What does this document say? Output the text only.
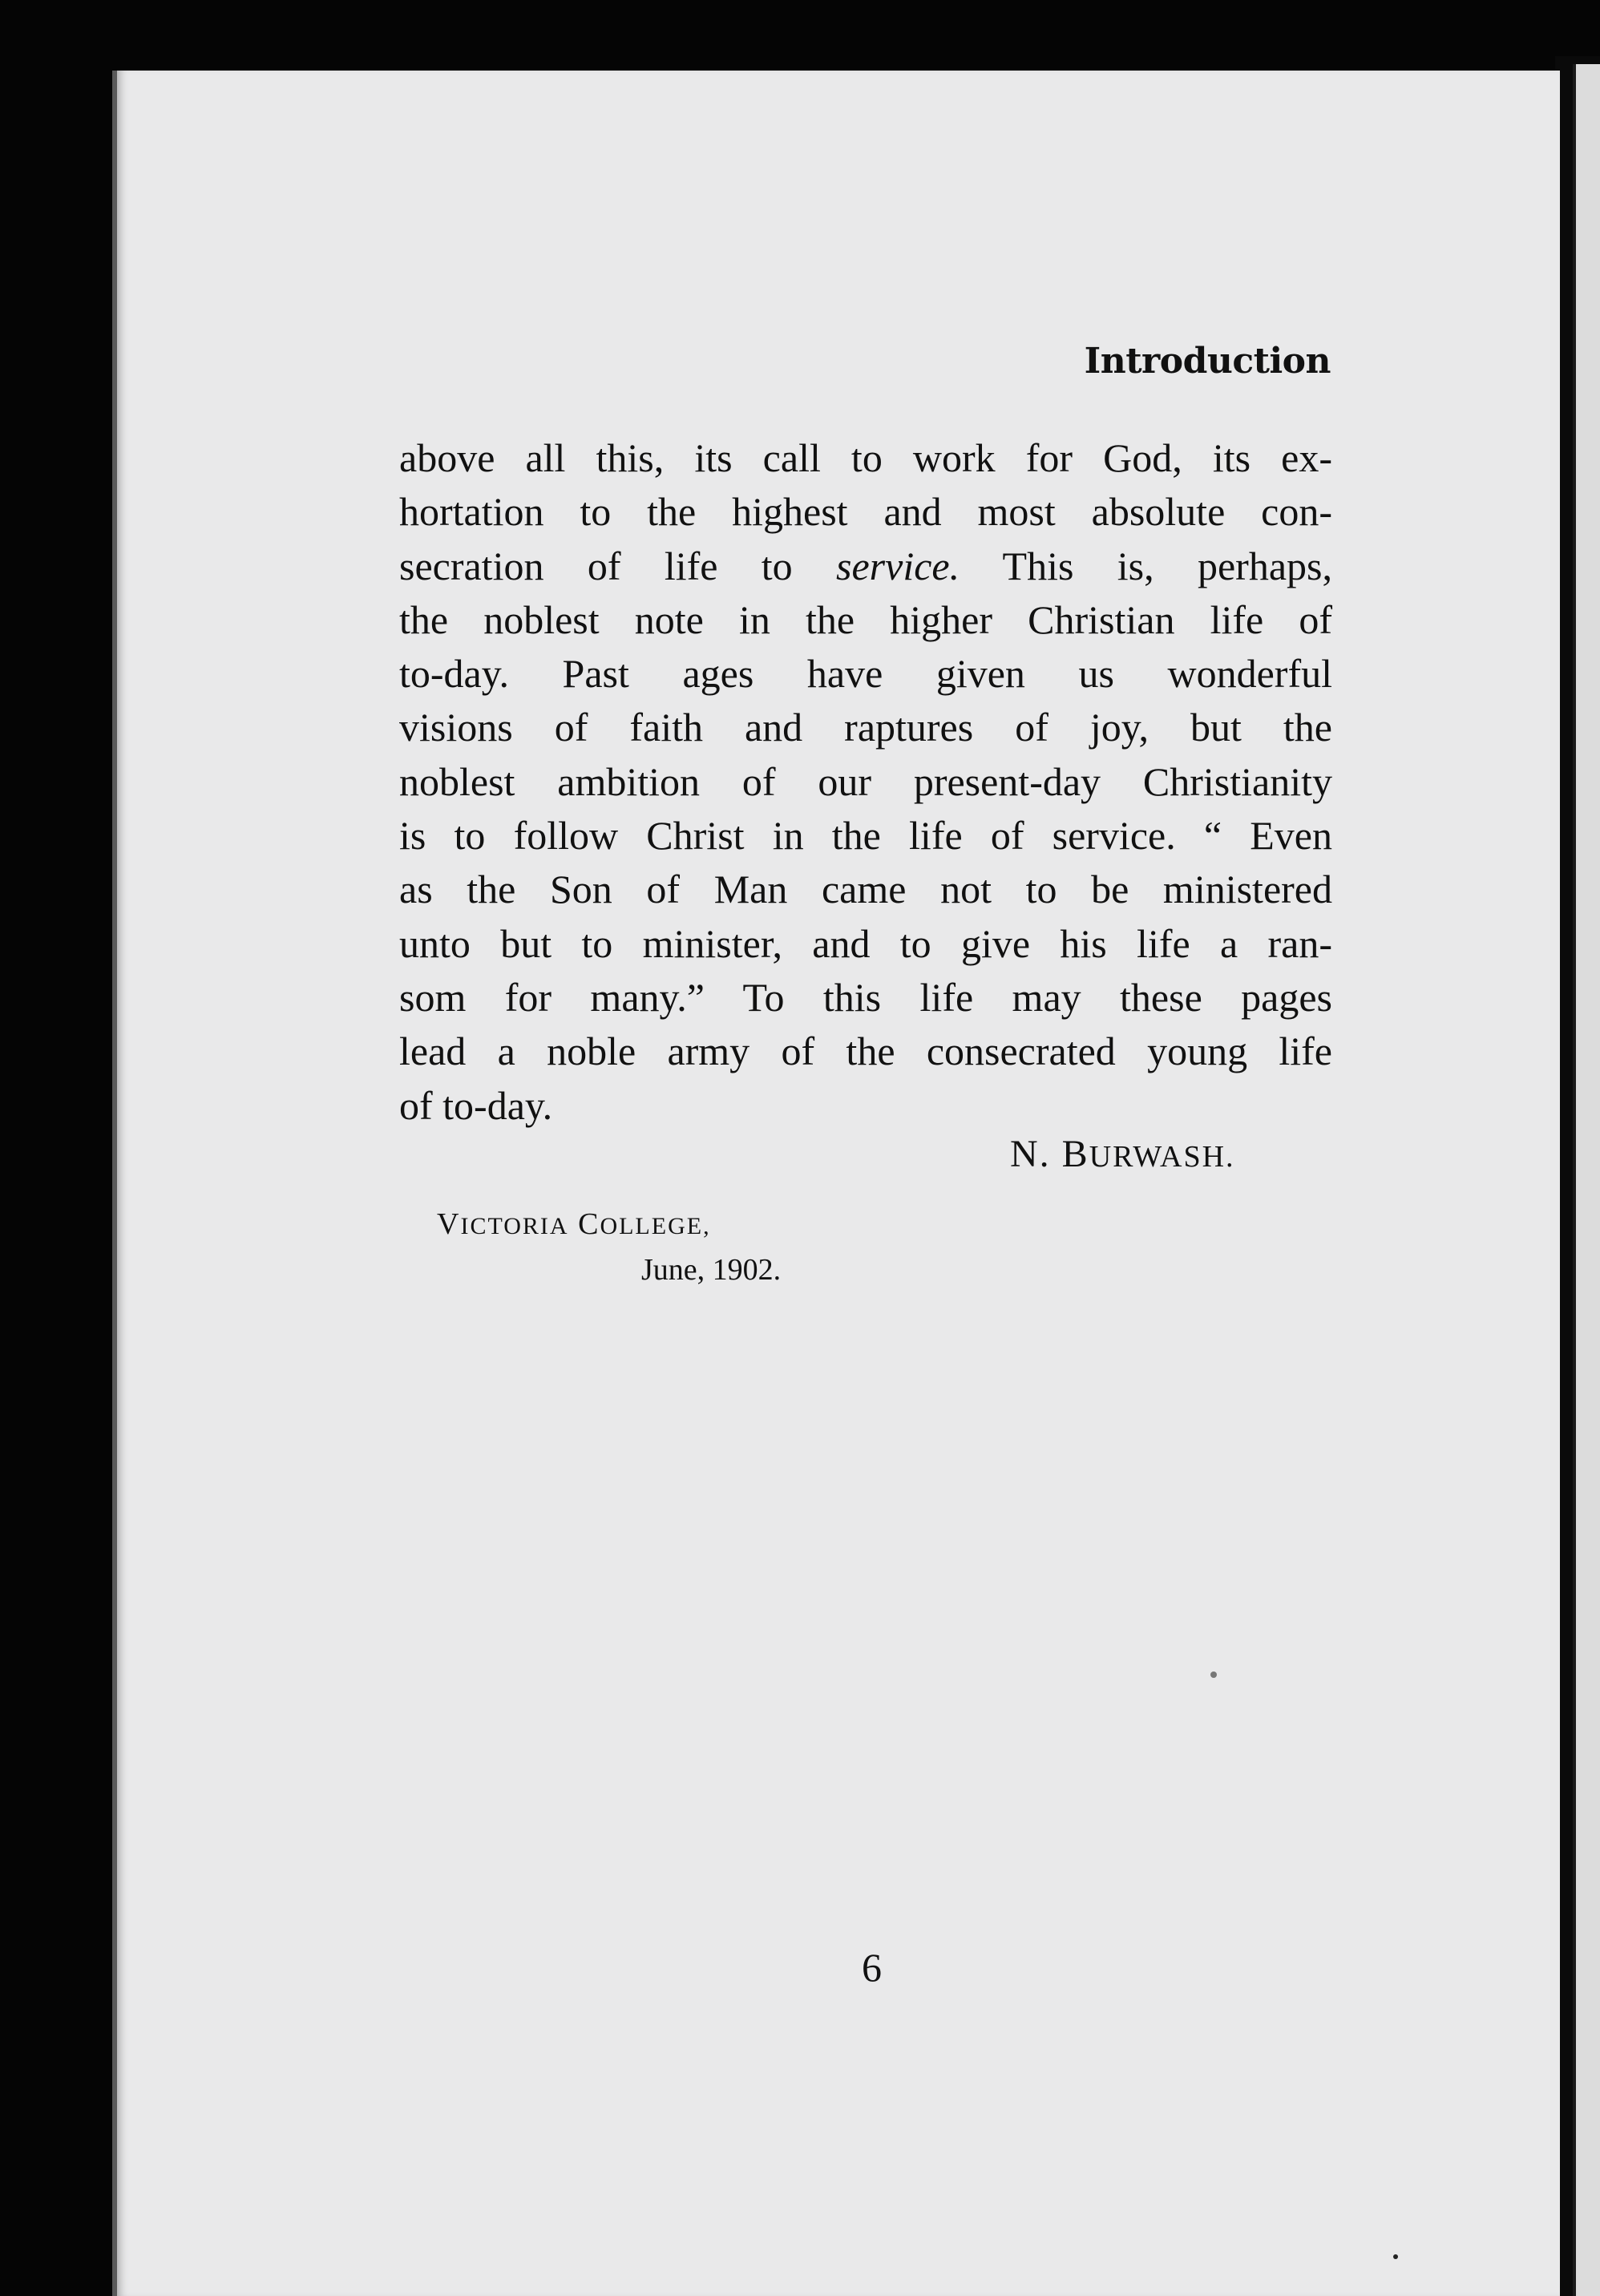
Introduction
above all this, its call to work for God, its ex-
hortation to the highest and most absolute con-
secration of life to service. This is, perhaps,
the noblest note in the higher Christian life of
to-day. Past ages have given us wonderful
visions of faith and raptures of joy, but the
noblest ambition of our present-day Christianity
is to follow Christ in the life of service. “ Even
as the Son of Man came not to be ministered
unto but to minister, and to give his life a ran-
som for many.” To this life may these pages
lead a noble army of the consecrated young life
of to-day.
N. BURWASH.
VICTORIA COLLEGE,
June, 1902.
6
